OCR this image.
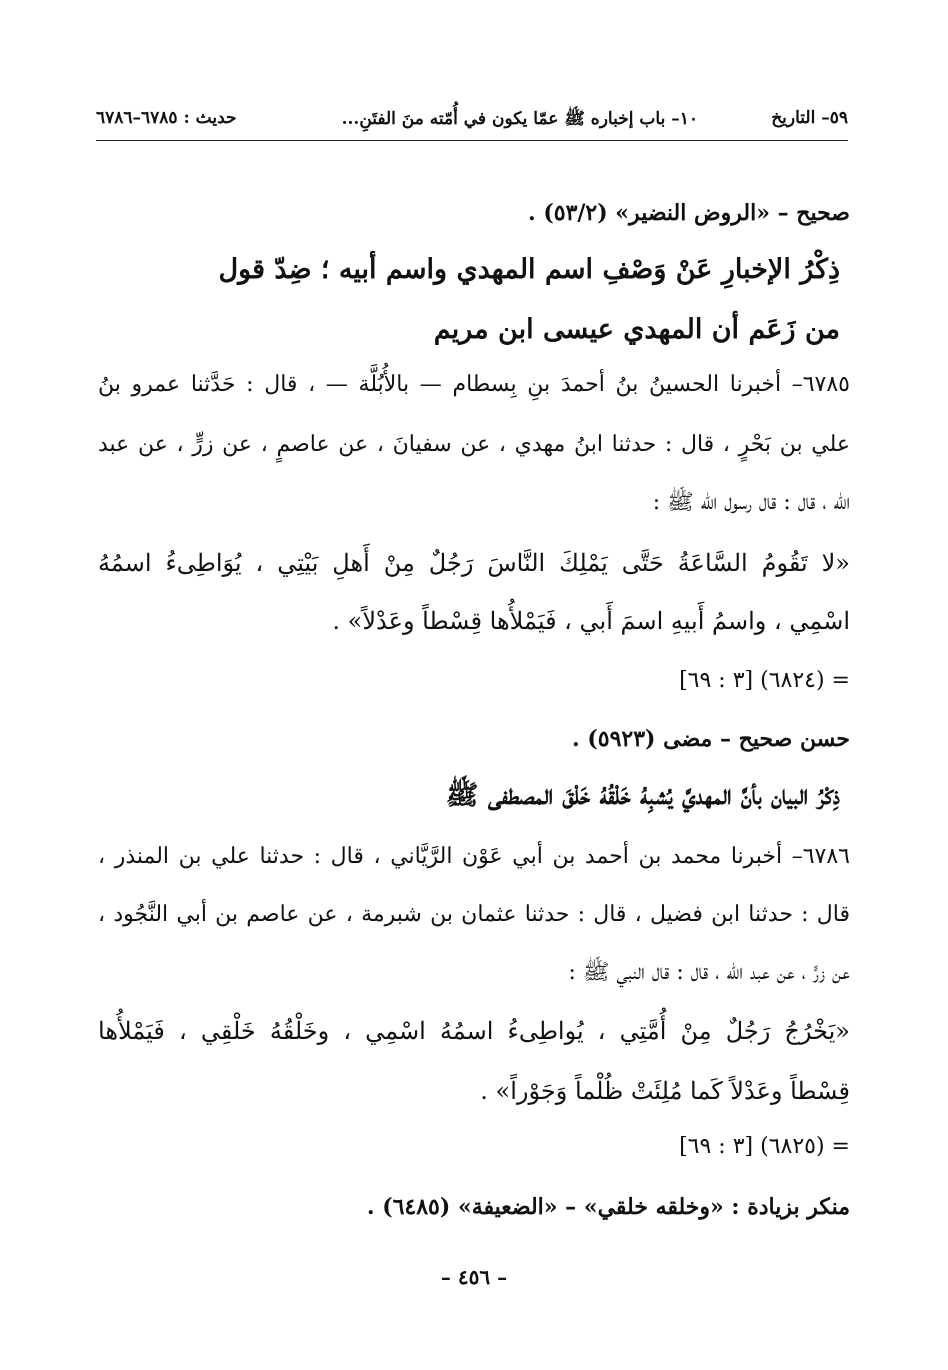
٥٩– التاريخ
١٠– باب إخباره ﷺ عمّا يكون في أُمّته منَ الفتَنِ...
حديث : ٦٧٨٥–٦٧٨٦
صحيح – «الروض النضير» (٥٣/٢) .
ذِكْرُ الإخبارِ عَنْ وَصْفِ اسم المهدي واسم أبيه ؛ ضِدّ قول
من زَعَم أن المهدي عيسى ابن مريم
٦٧٨٥– أخبرنا الحسينُ بنُ أحمدَ بنِ بِسطام — بالأُبُلَّة — ، قال : حَدَّثنا عمرو بنُ
علي بن بَحْرٍ ، قال : حدثنا ابنُ مهدي ، عن سفيانَ ، عن عاصمٍ ، عن زرٍّ ، عن عبد
اللّه ، قال : قال رسول اللّه ﷺ :
«لا تَقُومُ السَّاعَةُ حَتَّى يَمْلِكَ النَّاسَ رَجُلٌ مِنْ أَهلِ بَيْتِي ، يُوَاطِىءُ اسمُهُ
اسْمِي ، واسمُ أَبيهِ اسمَ أَبي ، فَيَمْلأُها قِسْطاً وعَدْلاً» .
= (٦٨٢٤) [٣ : ٦٩]
حسن صحيح – مضى (٥٩٢٣) .
ذِكْرُ البيان بأنَّ المهديَّ يُشبِهُ خَلْقُهُ خَلْقَ المصطفى ﷺ
٦٧٨٦– أخبرنا محمد بن أحمد بن أبي عَوْن الرَّيَّاني ، قال : حدثنا علي بن المنذر ،
قال : حدثنا ابن فضيل ، قال : حدثنا عثمان بن شبرمة ، عن عاصم بن أبي النَّجُود ،
عن زرٍّ ، عن عبد اللّه ، قال : قال النبي ﷺ :
«يَخْرُجُ رَجُلٌ مِنْ أُمَّتِي ، يُواطِىءُ اسمُهُ اسْمِي ، وخَلْقُهُ خَلْقِي ، فَيَمْلأُها
قِسْطاً وعَدْلاً كَما مُلِئَتْ ظُلْماً وَجَوْراً» .
= (٦٨٢٥) [٣ : ٦٩]
منكر بزيادة : «وخلقه خلقي» – «الضعيفة» (٦٤٨٥) .
– ٤٥٦ –
